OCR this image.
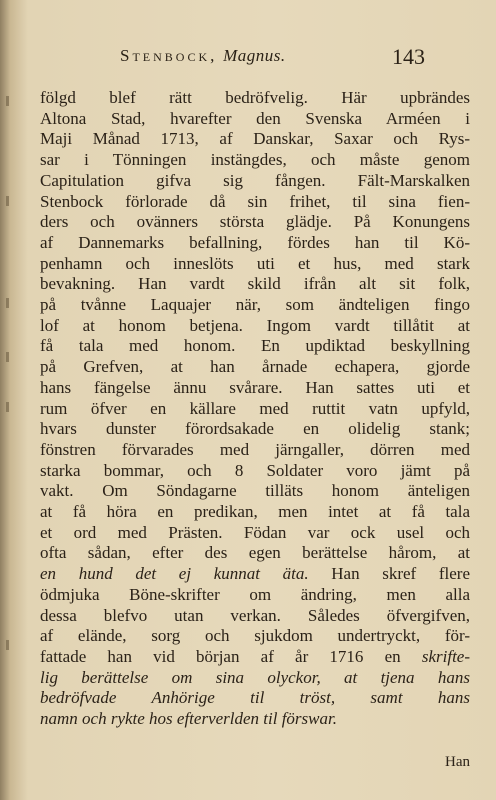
Stenbock, Magnus.	143
fölgd blef rätt bedröfvelig. Här upbrändes
Altona Stad, hvarefter den Svenska Arméen i
Maji Månad 1713, af Danskar, Saxar och Rys-
sar i Tönningen instängdes, och måste genom
Capitulation gifva sig fången. Fält-Marskalken
Stenbock förlorade då sin frihet, til sina fien-
ders och ovänners största glädje. På Konungens
af Dannemarks befallning, fördes han til Kö-
penhamn och inneslöts uti et hus, med stark
bevakning. Han vardt skild ifrån alt sit folk,
på tvånne Laquajer när, som ändteligen fingo
lof at honom betjena. Ingom vardt tillåtit at
få tala med honom. En updiktad beskyllning
på Grefven, at han årnade echapera, gjorde
hans fängelse ännu svårare. Han sattes uti et
rum öfver en källare med ruttit vatn upfyld,
hvars dunster förordsakade en olidelig stank;
fönstren förvarades med järngaller, dörren med
starka bommar, och 8 Soldater voro jämt på
vakt. Om Söndagarne tilläts honom änteligen
at få höra en predikan, men intet at få tala
et ord med Prästen. Födan var ock usel och
ofta sådan, efter des egen berättelse hårom, at
en hund det ej kunnat äta. Han skref flere
ödmjuka Böne-skrifter om ändring, men alla
dessa blefvo utan verkan. Således öfvergifven,
af eländе, sorg och sjukdom undertryckt, för-
fattade han vid början af år 1716 en skrifte-
lig berättelse om sina olyckor, at tjena hans
bedröfvade Anhörige til tröst, samt hans
namn och rykte hos efterverlden til förswar.
Han
